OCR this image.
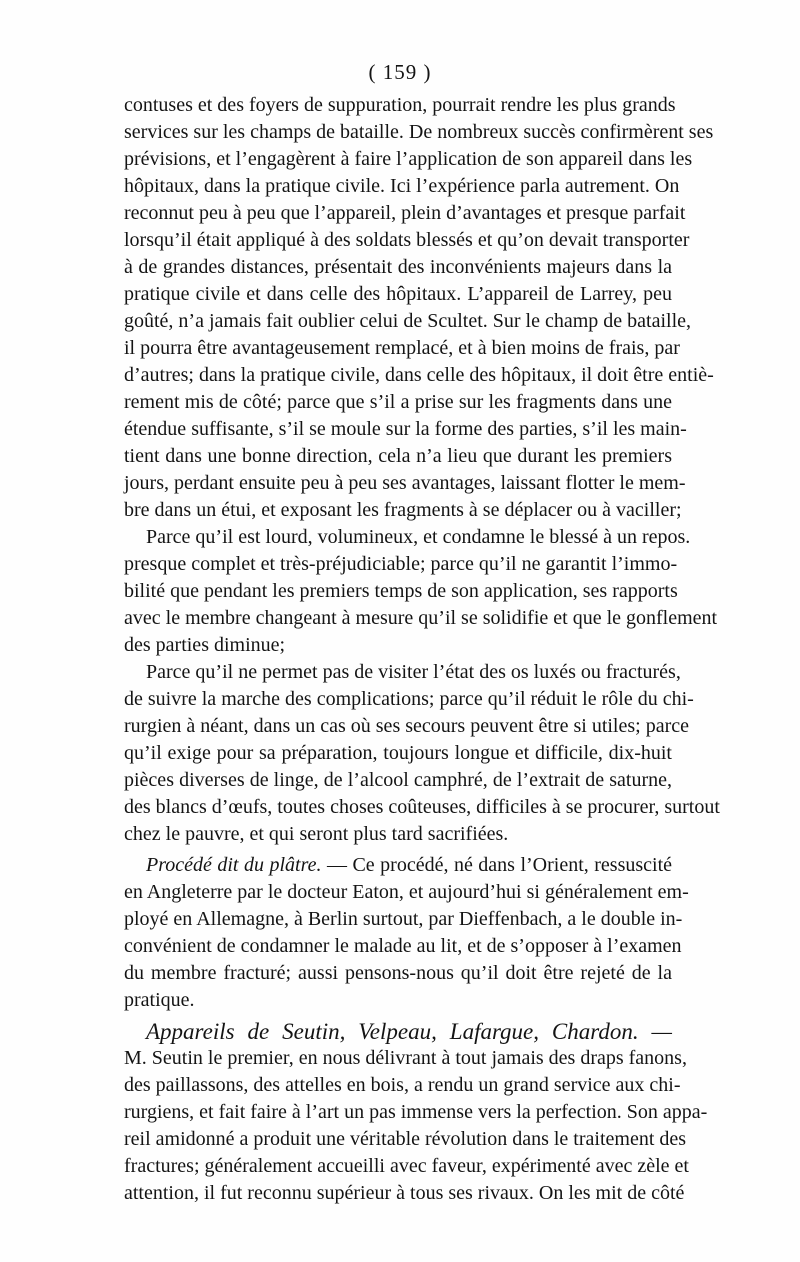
( 159 )
contuses et des foyers de suppuration, pourrait rendre les plus grands
services sur les champs de bataille. De nombreux succès confirmèrent ses
prévisions, et l’engagèrent à faire l’application de son appareil dans les
hôpitaux, dans la pratique civile. Ici l’expérience parla autrement. On
reconnut peu à peu que l’appareil, plein d’avantages et presque parfait
lorsqu’il était appliqué à des soldats blessés et qu’on devait transporter
à de grandes distances, présentait des inconvénients majeurs dans la
pratique civile et dans celle des hôpitaux. L’appareil de Larrey, peu
goûté, n’a jamais fait oublier celui de Scultet. Sur le champ de bataille,
il pourra être avantageusement remplacé, et à bien moins de frais, par
d’autres; dans la pratique civile, dans celle des hôpitaux, il doit être entiè-
rement mis de côté; parce que s’il a prise sur les fragments dans une
étendue suffisante, s’il se moule sur la forme des parties, s’il les main-
tient dans une bonne direction, cela n’a lieu que durant les premiers
jours, perdant ensuite peu à peu ses avantages, laissant flotter le mem-
bre dans un étui, et exposant les fragments à se déplacer ou à vaciller;
Parce qu’il est lourd, volumineux, et condamne le blessé à un repos.
presque complet et très-préjudiciable; parce qu’il ne garantit l’immo-
bilité que pendant les premiers temps de son application, ses rapports
avec le membre changeant à mesure qu’il se solidifie et que le gonflement
des parties diminue;
Parce qu’il ne permet pas de visiter l’état des os luxés ou fracturés,
de suivre la marche des complications; parce qu’il réduit le rôle du chi-
rurgien à néant, dans un cas où ses secours peuvent être si utiles; parce
qu’il exige pour sa préparation, toujours longue et difficile, dix-huit
pièces diverses de linge, de l’alcool camphré, de l’extrait de saturne,
des blancs d’œufs, toutes choses coûteuses, difficiles à se procurer, surtout
chez le pauvre, et qui seront plus tard sacrifiées.
Procédé dit du plâtre. — Ce procédé, né dans l’Orient, ressuscité
en Angleterre par le docteur Eaton, et aujourd’hui si généralement em-
ployé en Allemagne, à Berlin surtout, par Dieffenbach, a le double in-
convénient de condamner le malade au lit, et de s’opposer à l’examen
du membre fracturé; aussi pensons-nous qu’il doit être rejeté de la
pratique.
Appareils de Seutin, Velpeau, Lafargue, Chardon. —
M. Seutin le premier, en nous délivrant à tout jamais des draps fanons,
des paillassons, des attelles en bois, a rendu un grand service aux chi-
rurgiens, et fait faire à l’art un pas immense vers la perfection. Son appa-
reil amidonné a produit une véritable révolution dans le traitement des
fractures; généralement accueilli avec faveur, expérimenté avec zèle et
attention, il fut reconnu supérieur à tous ses rivaux. On les mit de côté
